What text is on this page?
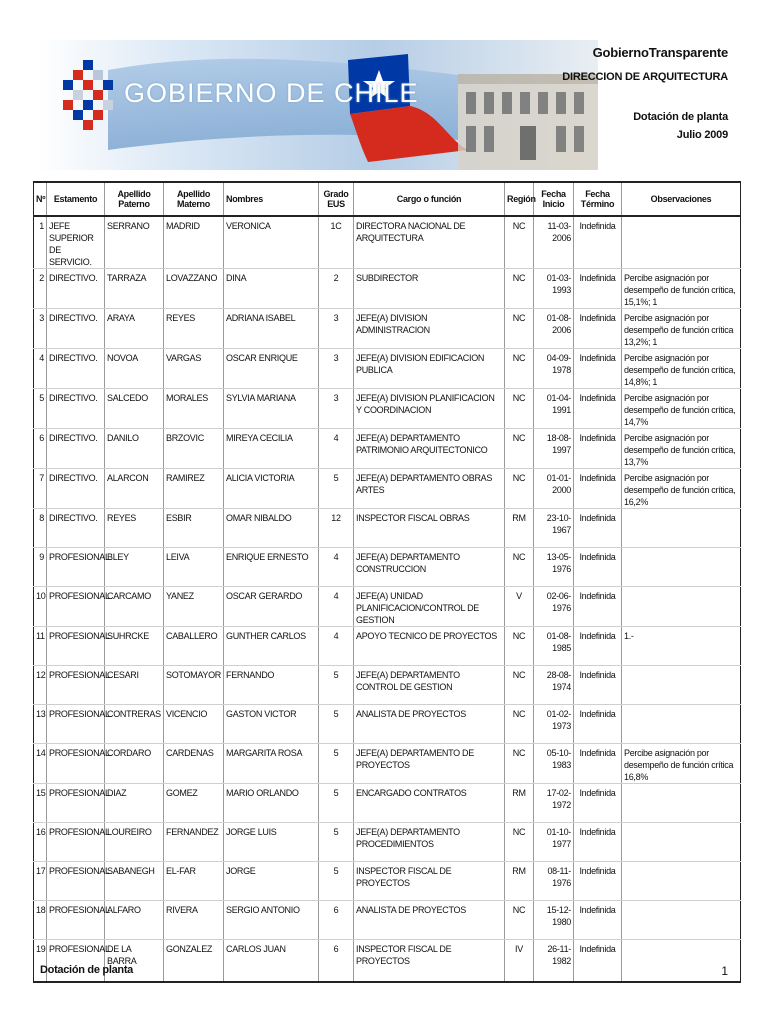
GOBIERNO DE CHILE
GobiernoTransparente
DIRECCION DE ARQUITECTURA
Dotación de planta
Julio 2009
Nº	Estamento	Apellido Paterno	Apellido Materno	Nombres	Grado EUS	Cargo o función	Región	Fecha Inicio	Fecha Término	Observaciones
1	JEFE SUPERIOR DE SERVICIO.	SERRANO	MADRID	VERONICA	1C	DIRECTORA NACIONAL DE ARQUITECTURA	NC	11-03-2006	Indefinida	
2	DIRECTIVO.	TARRAZA	LOVAZZANO	DINA	2	SUBDIRECTOR	NC	01-03-1993	Indefinida	Percibe asignación por desempeño de función crítica, 15,1%; 1
3	DIRECTIVO.	ARAYA	REYES	ADRIANA ISABEL	3	JEFE(A) DIVISION ADMINISTRACION	NC	01-08-2006	Indefinida	Percibe asignación por desempeño de función crítica 13,2%; 1
4	DIRECTIVO.	NOVOA	VARGAS	OSCAR ENRIQUE	3	JEFE(A) DIVISION EDIFICACION PUBLICA	NC	04-09-1978	Indefinida	Percibe asignación por desempeño de función crítica, 14,8%; 1
5	DIRECTIVO.	SALCEDO	MORALES	SYLVIA MARIANA	3	JEFE(A) DIVISION PLANIFICACION Y COORDINACION	NC	01-04-1991	Indefinida	Percibe asignación por desempeño de función crítica, 14,7%
6	DIRECTIVO.	DANILO	BRZOVIC	MIREYA CECILIA	4	JEFE(A) DEPARTAMENTO PATRIMONIO ARQUITECTONICO	NC	18-08-1997	Indefinida	Percibe asignación por desempeño de función crítica, 13,7%
7	DIRECTIVO.	ALARCON	RAMIREZ	ALICIA VICTORIA	5	JEFE(A) DEPARTAMENTO OBRAS ARTES	NC	01-01-2000	Indefinida	Percibe asignación por desempeño de función crítica, 16,2%
8	DIRECTIVO.	REYES	ESBIR	OMAR NIBALDO	12	INSPECTOR FISCAL OBRAS	RM	23-10-1967	Indefinida	
9	PROFESIONAL.	BLEY	LEIVA	ENRIQUE ERNESTO	4	JEFE(A) DEPARTAMENTO CONSTRUCCION	NC	13-05-1976	Indefinida	
10	PROFESIONAL.	CARCAMO	YANEZ	OSCAR GERARDO	4	JEFE(A) UNIDAD PLANIFICACION/CONTROL DE GESTION	V	02-06-1976	Indefinida	
11	PROFESIONAL.	SUHRCKE	CABALLERO	GUNTHER CARLOS	4	APOYO TECNICO DE PROYECTOS	NC	01-08-1985	Indefinida	1.-
12	PROFESIONAL.	CESARI	SOTOMAYOR	FERNANDO	5	JEFE(A) DEPARTAMENTO CONTROL DE GESTION	NC	28-08-1974	Indefinida	
13	PROFESIONAL.	CONTRERAS	VICENCIO	GASTON VICTOR	5	ANALISTA DE PROYECTOS	NC	01-02-1973	Indefinida	
14	PROFESIONAL.	CORDARO	CARDENAS	MARGARITA ROSA	5	JEFE(A) DEPARTAMENTO DE PROYECTOS	NC	05-10-1983	Indefinida	Percibe asignación por desempeño de función crítica 16,8%
15	PROFESIONAL.	DIAZ	GOMEZ	MARIO ORLANDO	5	ENCARGADO CONTRATOS	RM	17-02-1972	Indefinida	
16	PROFESIONAL.	LOUREIRO	FERNANDEZ	JORGE LUIS	5	JEFE(A) DEPARTAMENTO PROCEDIMIENTOS	NC	01-10-1977	Indefinida	
17	PROFESIONAL.	SABANEGH	EL-FAR	JORGE	5	INSPECTOR FISCAL DE PROYECTOS	RM	08-11-1976	Indefinida	
18	PROFESIONAL	ALFARO	RIVERA	SERGIO ANTONIO	6	ANALISTA DE PROYECTOS	NC	15-12-1980	Indefinida	
19	PROFESIONAL.	DE LA BARRA	GONZALEZ	CARLOS JUAN	6	INSPECTOR FISCAL DE PROYECTOS	IV	26-11-1982	Indefinida	
Dotación de planta	1
